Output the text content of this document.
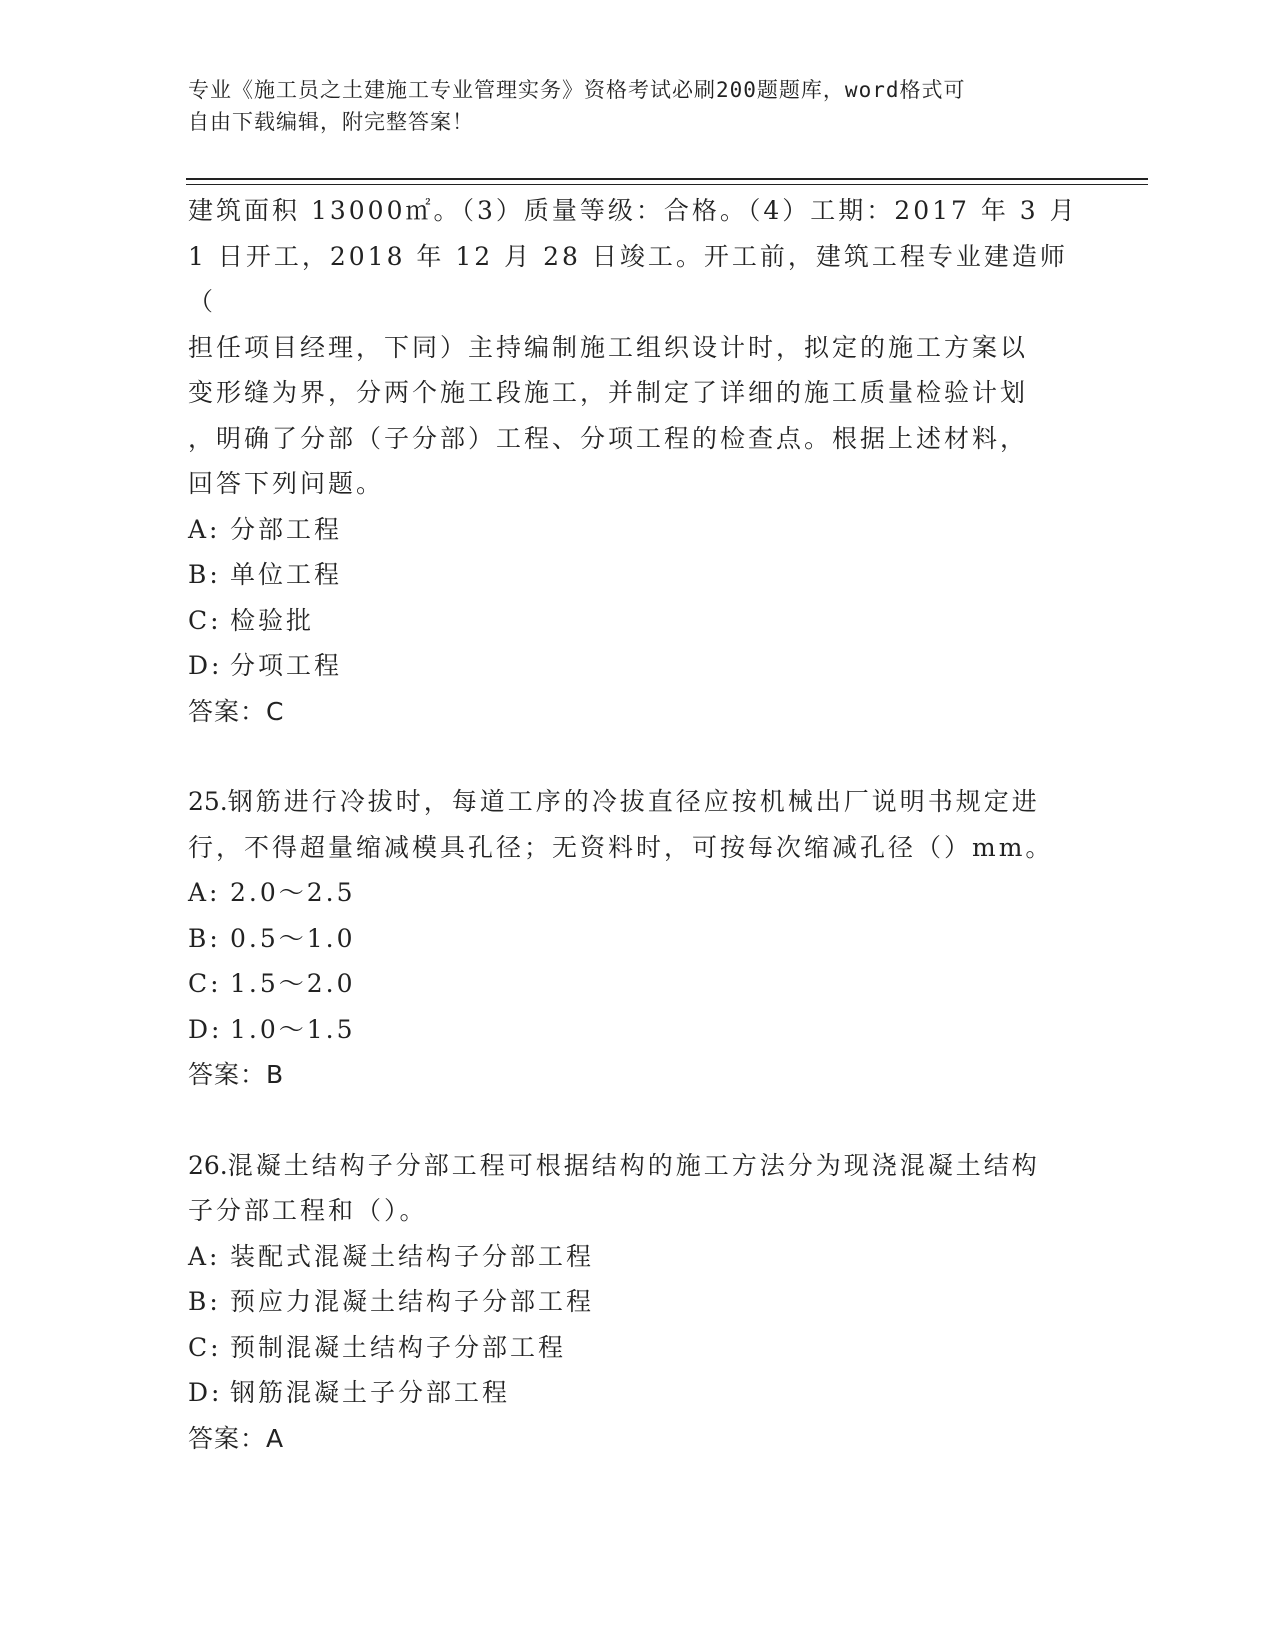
专业《施工员之土建施工专业管理实务》资格考试必刷200题题库，word格式可
自由下载编辑，附完整答案！

建筑面积 13000㎡。（3）质量等级：合格。（4）工期：2017 年 3 月

1 日开工，2018 年 12 月 28 日竣工。开工前，建筑工程专业建造师（

担任项目经理，下同）主持编制施工组织设计时，拟定的施工方案以

变形缝为界，分两个施工段施工，并制定了详细的施工质量检验计划

，明确了分部（子分部）工程、分项工程的检查点。根据上述材料，

回答下列问题。

A: 分部工程

B: 单位工程

C: 检验批

D: 分项工程

答案：C

25.钢筋进行冷拔时，每道工序的冷拔直径应按机械出厂说明书规定进

行，不得超量缩减模具孔径；无资料时，可按每次缩减孔径（）mm。

A: 2.0～2.5

B: 0.5～1.0

C: 1.5～2.0

D: 1.0～1.5

答案：B

26.混凝土结构子分部工程可根据结构的施工方法分为现浇混凝土结构

子分部工程和（）。

A: 装配式混凝土结构子分部工程

B: 预应力混凝土结构子分部工程

C: 预制混凝土结构子分部工程

D: 钢筋混凝土子分部工程

答案：A
